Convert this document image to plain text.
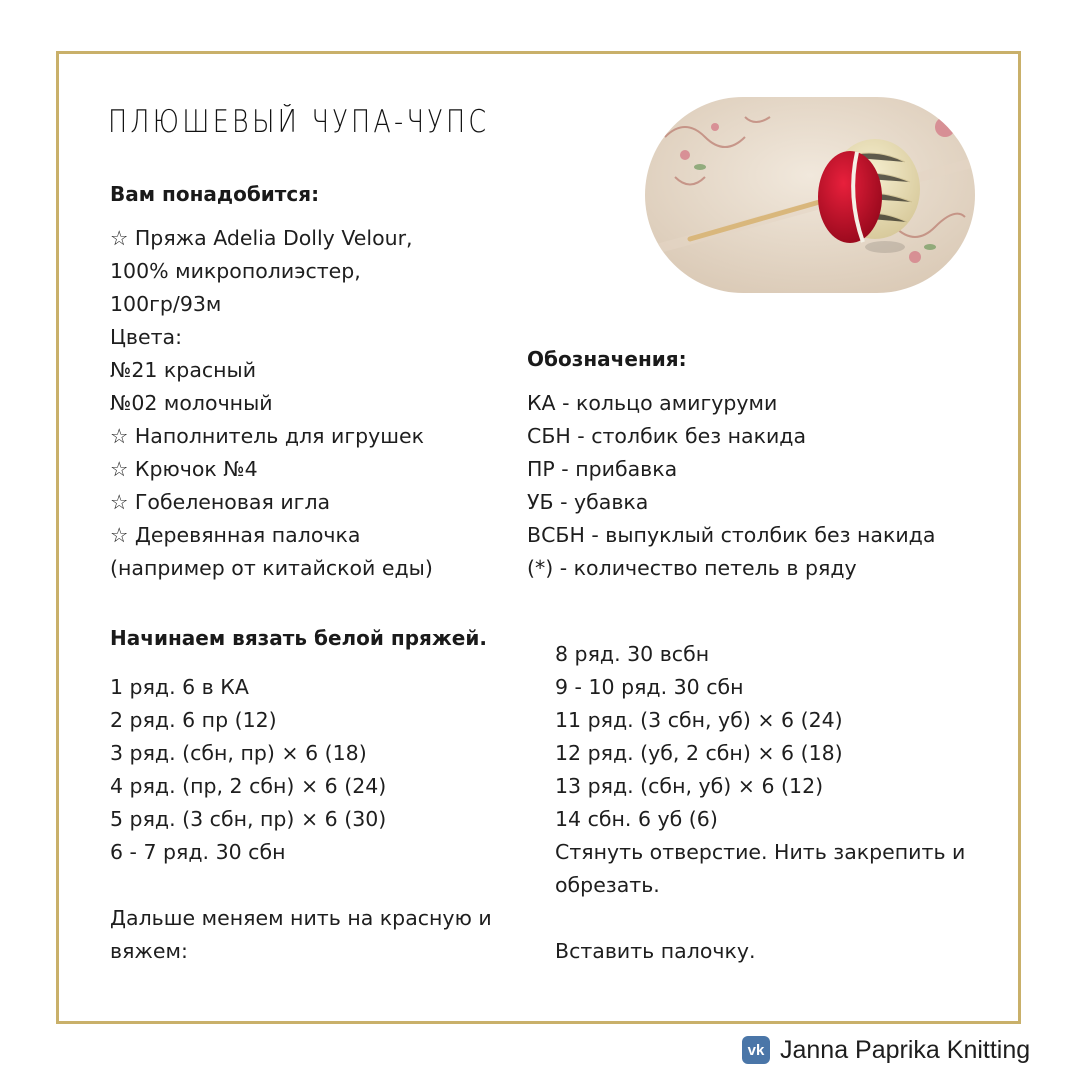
ПЛЮШЕВЫЙ ЧУПА-ЧУПС
Вам понадобится:
☆ Пряжа Adelia Dolly Velour,
100% микрополиэстер,
100гр/93м
Цвета:
№21 красный
№02 молочный
☆ Наполнитель для игрушек
☆ Крючок №4
☆ Гобеленовая игла
☆ Деревянная палочка
(например от китайской еды)
Обозначения:
КА - кольцо амигуруми
СБН - столбик без накида
ПР - прибавка
УБ - убавка
ВСБН - выпуклый столбик без накида
(*) - количество петель в ряду
Начинаем вязать белой пряжей.
1 ряд. 6 в КА
2 ряд. 6 пр (12)
3 ряд. (сбн, пр) × 6 (18)
4 ряд. (пр, 2 сбн) × 6 (24)
5 ряд. (3 сбн, пр) × 6 (30)
6 - 7 ряд. 30 сбн
Дальше меняем нить на красную и
вяжем:
8 ряд. 30 всбн
9 - 10 ряд. 30 сбн
11 ряд. (3 сбн, уб) × 6 (24)
12 ряд. (уб, 2 сбн) × 6 (18)
13 ряд. (сбн, уб) × 6 (12)
14 сбн. 6 уб (6)
Стянуть отверстие. Нить закрепить и
обрезать.
Вставить палочку.
vk Janna Paprika Knitting
